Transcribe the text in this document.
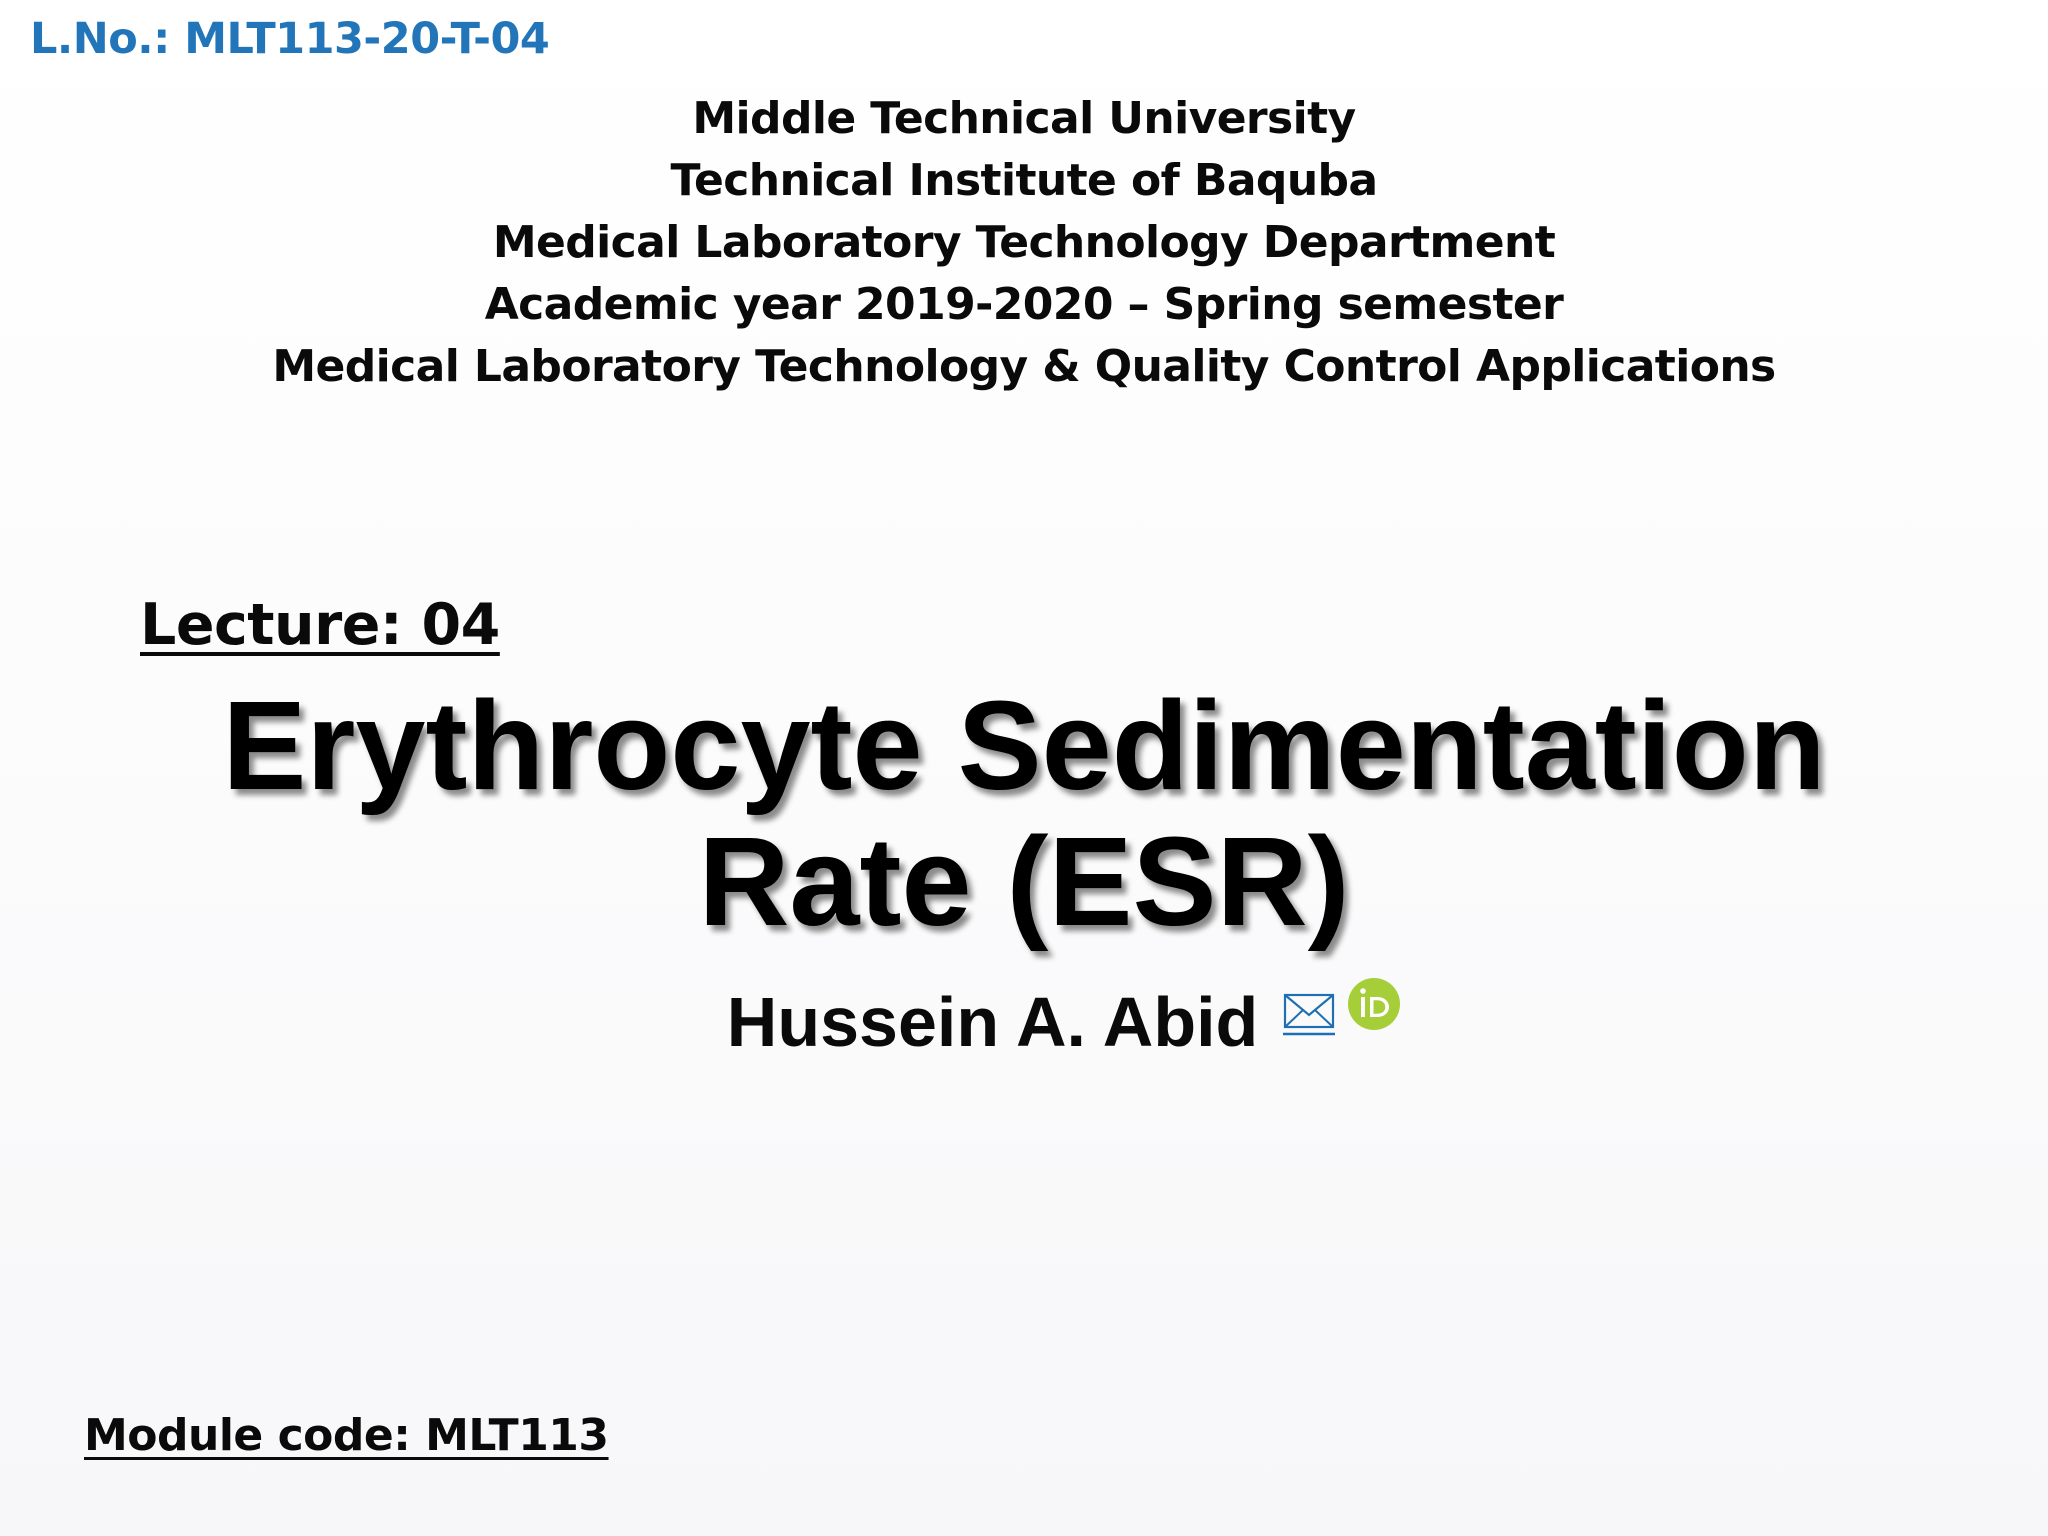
L.No.: MLT113-20-T-04
Middle Technical University
Technical Institute of Baquba
Medical Laboratory Technology Department
Academic year 2019-2020 – Spring semester
Medical Laboratory Technology & Quality Control Applications
Lecture: 04
Erythrocyte Sedimentation
Rate (ESR)
Hussein A. Abid
Module code: MLT113
